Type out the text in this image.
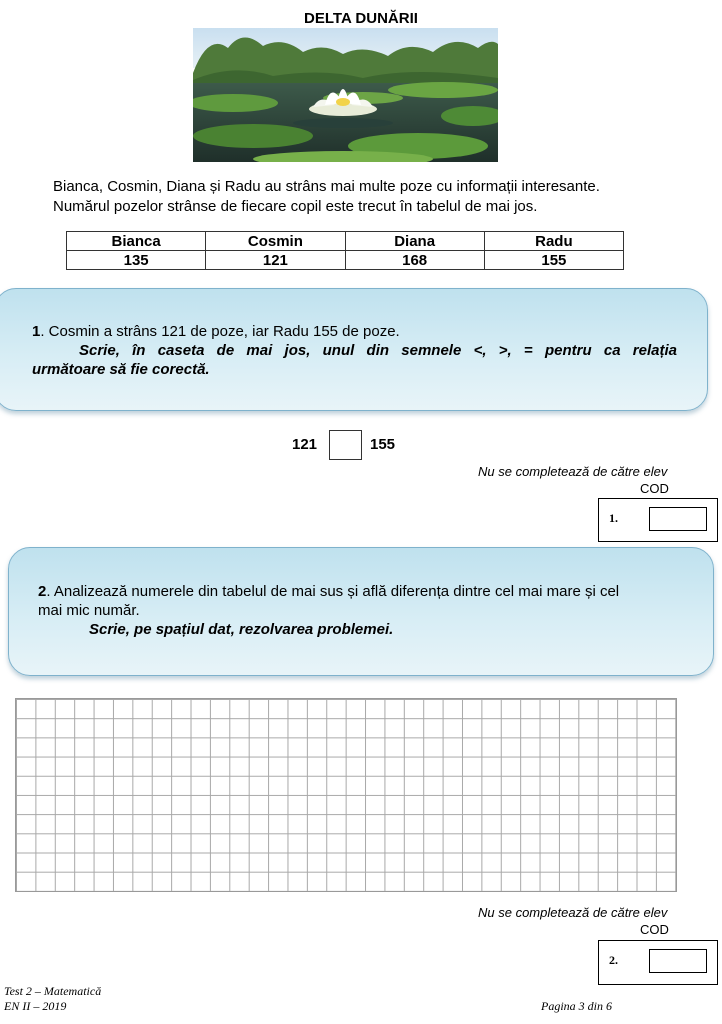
DELTA DUNĂRII
Bianca, Cosmin, Diana și Radu au strâns mai multe poze cu informații interesante.
Numărul pozelor strânse de fiecare copil este trecut în tabelul de mai jos.
Bianca	Cosmin	Diana	Radu
135	121	168	155
1. Cosmin a strâns 121 de poze, iar Radu 155 de poze.
Scrie, în caseta de mai jos, unul din semnele <, >, = pentru ca relația
următoare să fie corectă.
121	155
Nu se completează de către elev
COD
1.
2. Analizează numerele din tabelul de mai sus și află diferența dintre cel mai mare și cel
mai mic număr.
Scrie, pe spațiul dat, rezolvarea problemei.
Nu se completează de către elev
COD
2.
Test 2 – Matematică
EN II – 2019	Pagina 3 din 6
